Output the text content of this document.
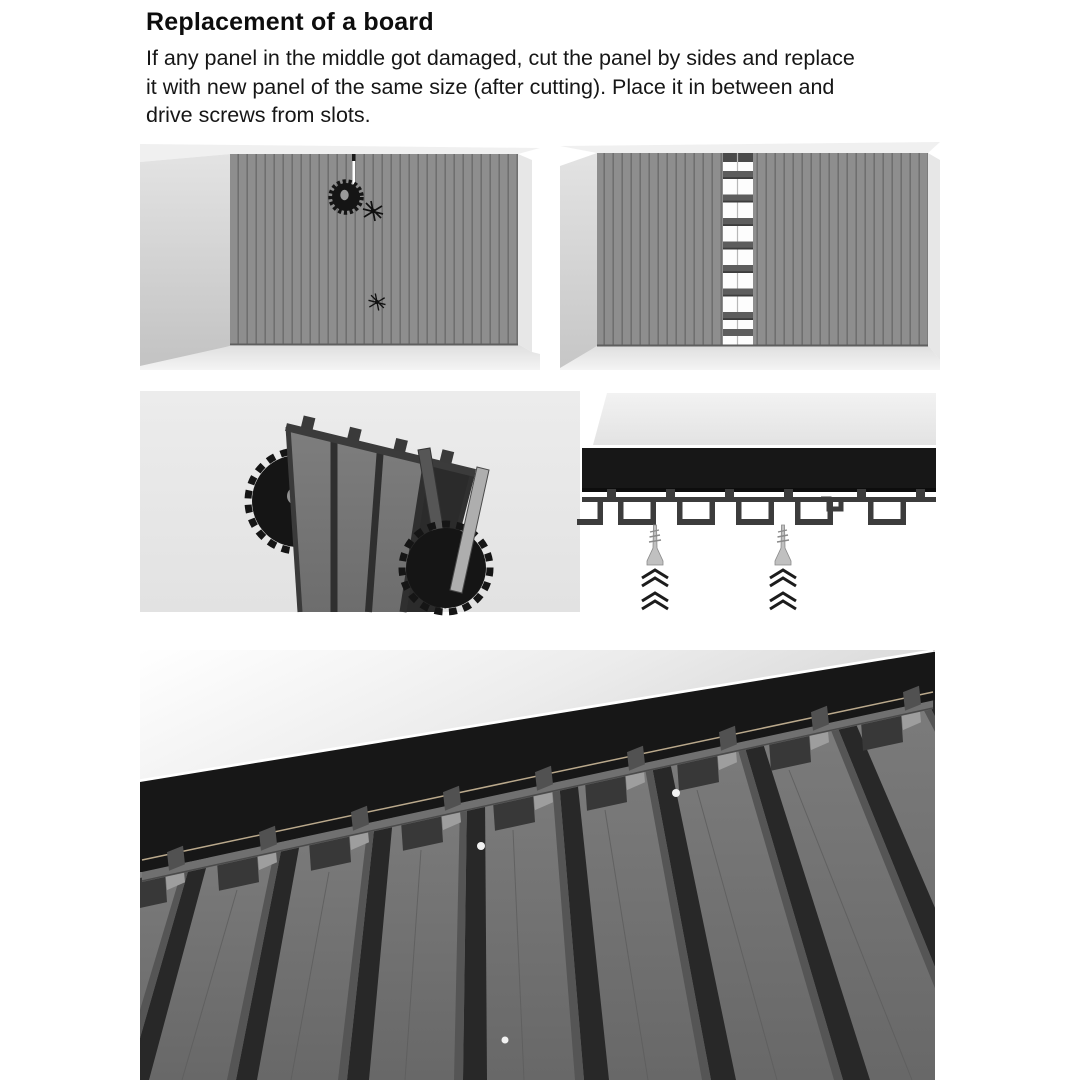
Replacement of a board
If any panel in the middle got damaged, cut the panel by sides and replace
it with new panel of the same size (after cutting). Place it in between and
drive screws from slots.
